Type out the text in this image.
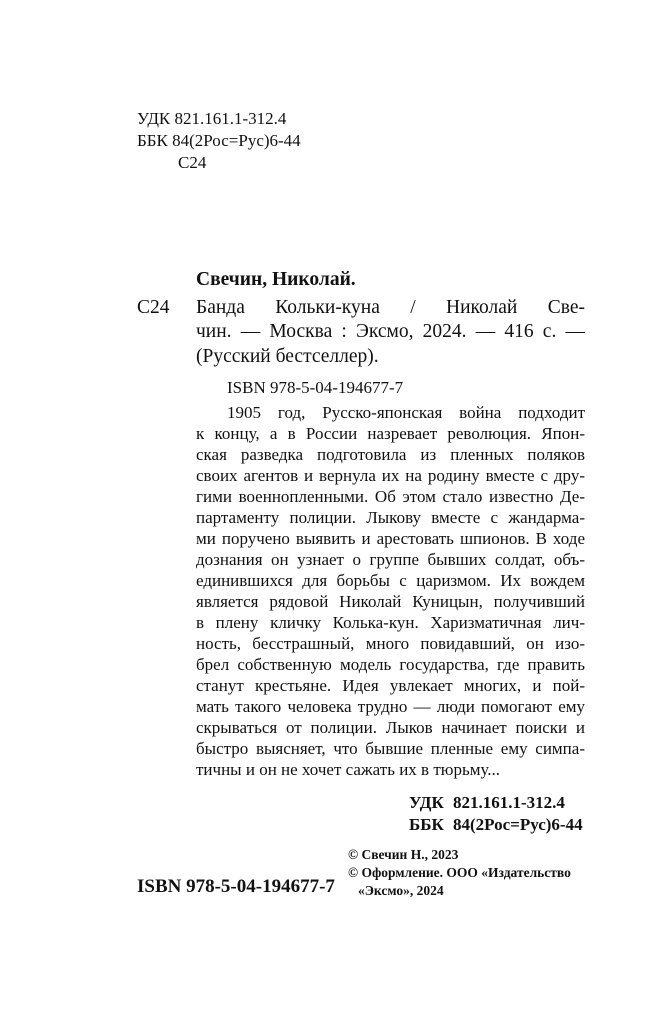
УДК 821.161.1-312.4
ББК 84(2Рос=Рус)6-44
С24
Свечин, Николай.
С24 Банда Кольки-куна / Николай Све-
чин. — Москва : Эксмо, 2024. — 416 с. —
(Русский бестселлер).
ISBN 978-5-04-194677-7
1905 год, Русско-японская война подходит
к концу, а в России назревает революция. Япон-
ская разведка подготовила из пленных поляков
своих агентов и вернула их на родину вместе с дру-
гими военнопленными. Об этом стало известно Де-
партаменту полиции. Лыкову вместе с жандарма-
ми поручено выявить и арестовать шпионов. В ходе
дознания он узнает о группе бывших солдат, объ-
единившихся для борьбы с царизмом. Их вождем
является рядовой Николай Куницын, получивший
в плену кличку Колька-кун. Харизматичная лич-
ность, бесстрашный, много повидавший, он изо-
брел собственную модель государства, где править
станут крестьяне. Идея увлекает многих, и пой-
мать такого человека трудно — люди помогают ему
скрываться от полиции. Лыков начинает поиски и
быстро выясняет, что бывшие пленные ему симпа-
тичны и он не хочет сажать их в тюрьму...
УДК 821.161.1-312.4
ББК 84(2Рос=Рус)6-44
ISBN 978-5-04-194677-7
© Свечин Н., 2023
© Оформление. ООО «Издательство
«Эксмо», 2024
